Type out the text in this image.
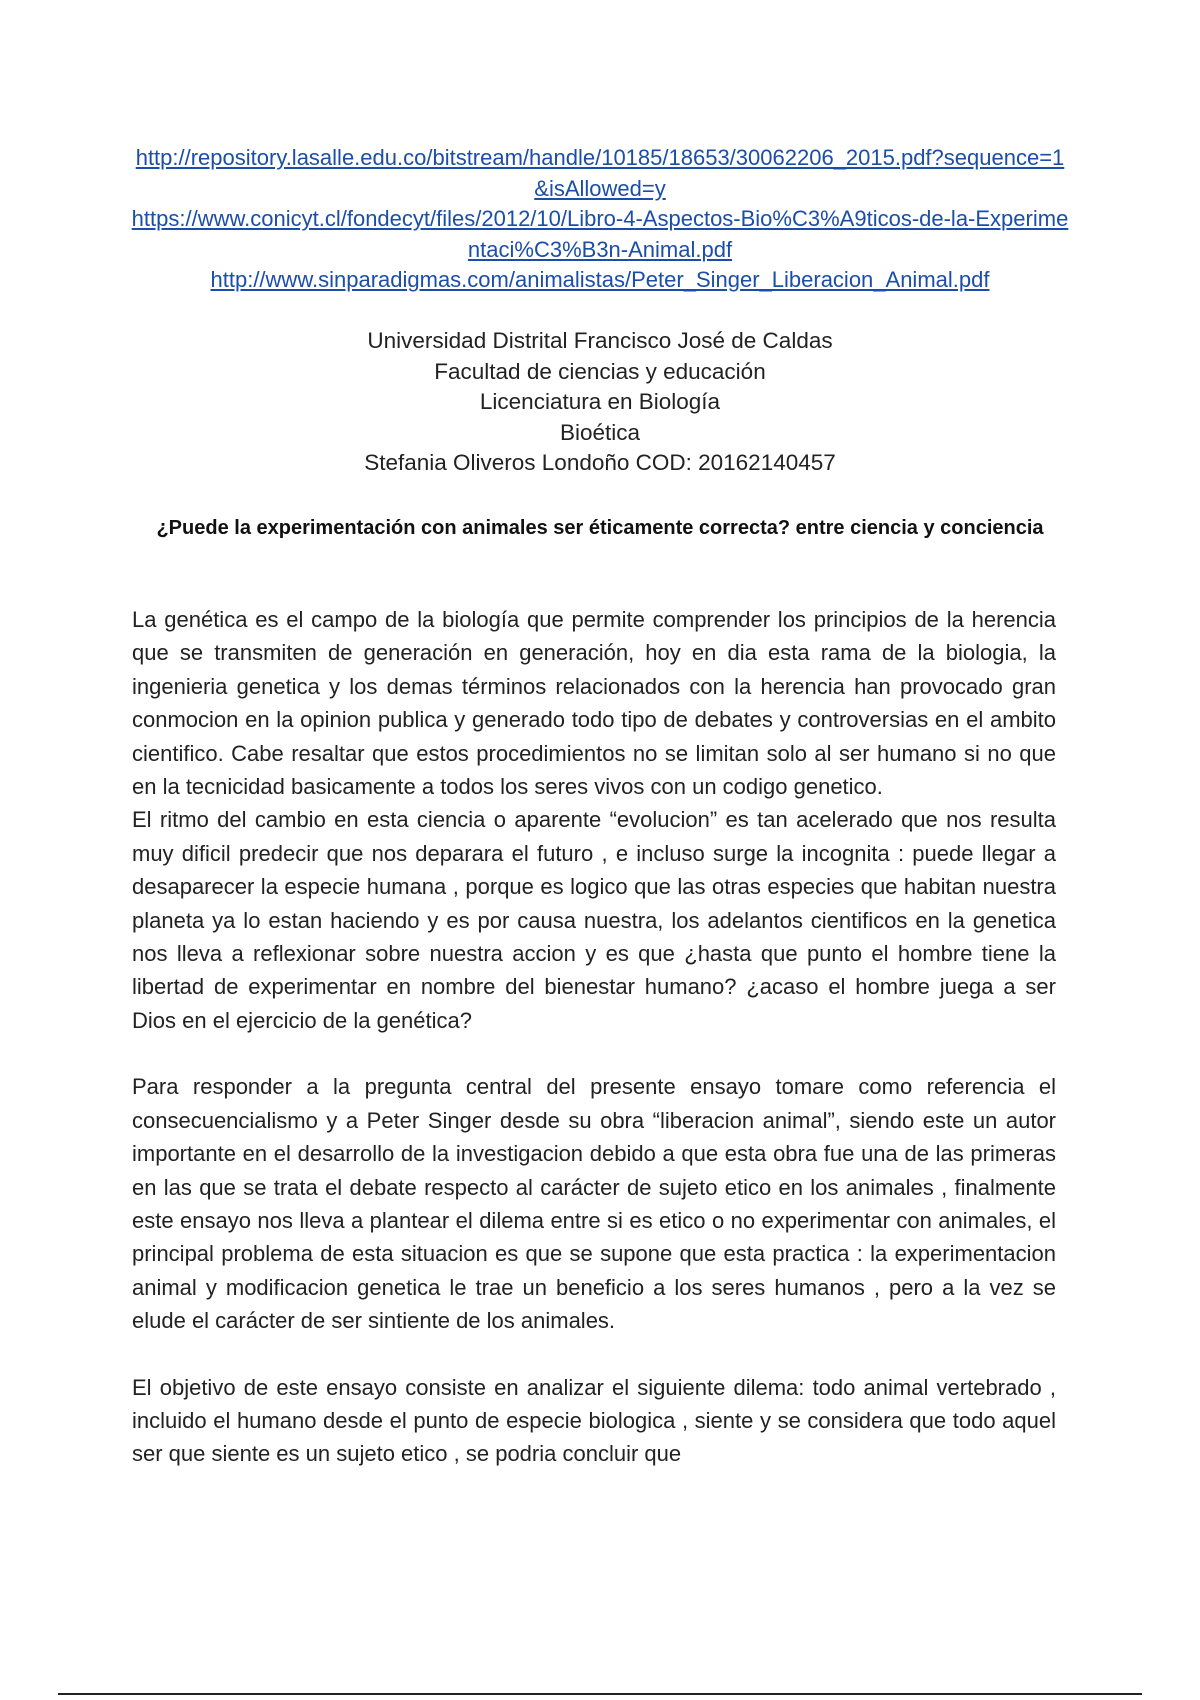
http://repository.lasalle.edu.co/bitstream/handle/10185/18653/30062206_2015.pdf?sequence=1&isAllowed=y
https://www.conicyt.cl/fondecyt/files/2012/10/Libro-4-Aspectos-Bio%C3%A9ticos-de-la-Experimentaci%C3%B3n-Animal.pdf
http://www.sinparadigmas.com/animalistas/Peter_Singer_Liberacion_Animal.pdf
Universidad Distrital Francisco José de Caldas
Facultad de ciencias y educación
Licenciatura en Biología
Bioética
Stefania Oliveros Londoño COD: 20162140457
¿Puede la experimentación con animales ser éticamente correcta? entre ciencia y conciencia

La genética es el campo de la biología que permite comprender los principios de la herencia que se transmiten de generación en generación, hoy en dia esta rama de la biologia, la ingenieria genetica y los demas términos relacionados con la herencia han provocado gran conmocion en la opinion publica y generado todo tipo de debates y controversias en el ambito cientifico. Cabe resaltar que estos procedimientos no se limitan solo al ser humano si no que en la tecnicidad basicamente a todos los seres vivos con un codigo genetico.

El ritmo del cambio en esta ciencia o aparente “evolucion” es tan acelerado que nos resulta muy dificil predecir que nos deparara el futuro , e incluso surge la incognita : puede llegar a desaparecer la especie humana , porque es logico que las otras especies que habitan nuestra planeta ya lo estan haciendo y es por causa nuestra, los adelantos cientificos en la genetica nos lleva a reflexionar sobre nuestra accion y es que ¿hasta que punto el hombre tiene la libertad de experimentar en nombre del bienestar humano? ¿acaso el hombre juega a ser Dios en el ejercicio de la genética?

Para responder a la pregunta central del presente ensayo tomare como referencia el consecuencialismo y a Peter Singer desde su obra “liberacion animal”, siendo este un autor importante en el desarrollo de la investigacion debido a que esta obra fue una de las primeras en las que se trata el debate respecto al carácter de sujeto etico en los animales , finalmente este ensayo nos lleva a plantear el dilema entre si es etico o no experimentar con animales, el principal problema de esta situacion es que se supone que esta practica : la experimentacion animal y modificacion genetica le trae un beneficio a los seres humanos , pero a la vez se elude el carácter de ser sintiente de los animales.

El objetivo de este ensayo consiste en analizar el siguiente dilema: todo animal vertebrado , incluido el humano desde el punto de especie biologica , siente y se considera que todo aquel ser que siente es un sujeto etico , se podria concluir que
